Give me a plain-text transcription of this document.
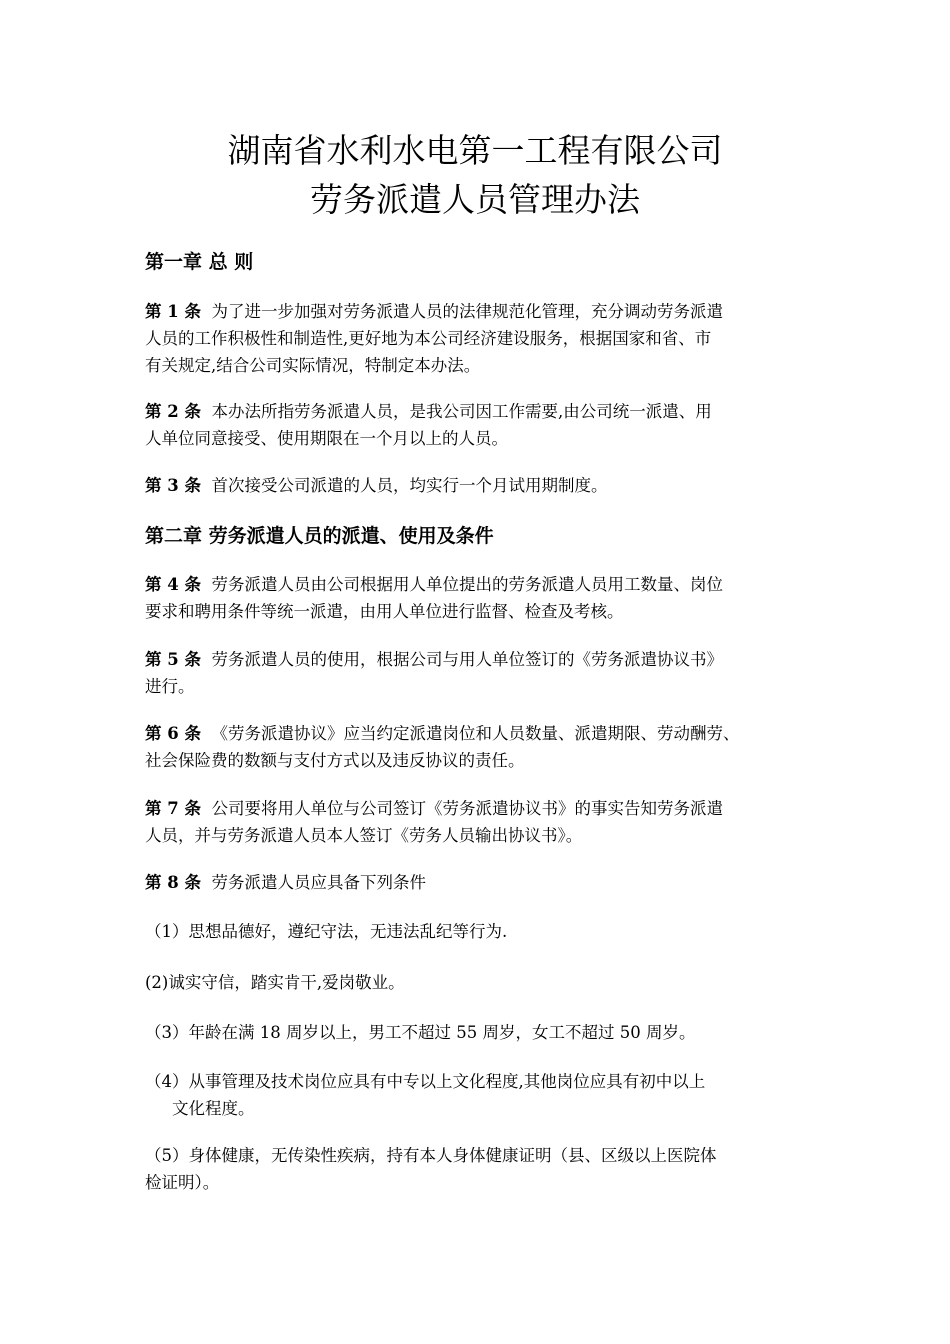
湖南省水利水电第一工程有限公司
劳务派遣人员管理办法
第一章 总 则
第 1 条 为了进一步加强对劳务派遣人员的法律规范化管理，充分调动劳务派遣
人员的工作积极性和制造性,更好地为本公司经济建设服务，根据国家和省、市
有关规定,结合公司实际情况，特制定本办法。
第 2 条 本办法所指劳务派遣人员，是我公司因工作需要,由公司统一派遣、用
人单位同意接受、使用期限在一个月以上的人员。
第 3 条 首次接受公司派遣的人员，均实行一个月试用期制度。
第二章 劳务派遣人员的派遣、使用及条件
第 4 条 劳务派遣人员由公司根据用人单位提出的劳务派遣人员用工数量、岗位
要求和聘用条件等统一派遣，由用人单位进行监督、检查及考核。
第 5 条 劳务派遣人员的使用，根据公司与用人单位签订的《劳务派遣协议书》
进行。
第 6 条 《劳务派遣协议》应当约定派遣岗位和人员数量、派遣期限、劳动酬劳、
社会保险费的数额与支付方式以及违反协议的责任。
第 7 条 公司要将用人单位与公司签订《劳务派遣协议书》的事实告知劳务派遣
人员，并与劳务派遣人员本人签订《劳务人员输出协议书》。
第 8 条 劳务派遣人员应具备下列条件
（1）思想品德好，遵纪守法，无违法乱纪等行为.
(2)诚实守信，踏实肯干,爱岗敬业。
（3）年龄在满 18 周岁以上，男工不超过 55 周岁，女工不超过 50 周岁。
（4）从事管理及技术岗位应具有中专以上文化程度,其他岗位应具有初中以上
文化程度。
（5）身体健康，无传染性疾病，持有本人身体健康证明（县、区级以上医院体
检证明）。
